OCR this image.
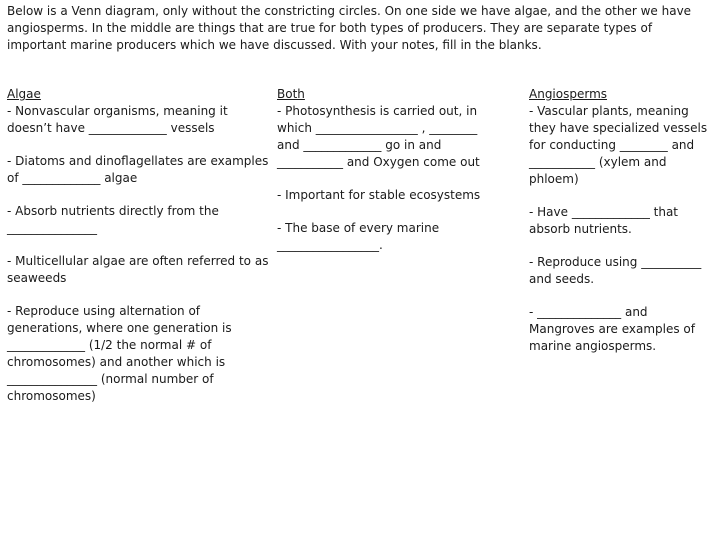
Below is a Venn diagram, only without the constricting circles. On one side we have algae, and the other we have angiosperms. In the middle are things that are true for both types of producers. They are separate types of important marine producers which we have discussed. With your notes, fill in the blanks.

Algae

- Nonvascular organisms, meaning it doesn’t have _____________ vessels

- Diatoms and dinoflagellates are examples of _____________ algae

- Absorb nutrients directly from the _______________

- Multicellular algae are often referred to as seaweeds

- Reproduce using alternation of generations, where one generation is _____________ (1/2 the normal # of chromosomes) and another which is _______________ (normal number of chromosomes)

Both

- Photosynthesis is carried out, in which _________________ , ________ and _____________ go in and ___________ and Oxygen come out

- Important for stable ecosystems

- The base of every marine _________________.

Angiosperms

- Vascular plants, meaning they have specialized vessels for conducting ________ and ___________ (xylem and phloem)

- Have _____________ that absorb nutrients.

- Reproduce using __________ and seeds.

- ______________ and Mangroves are examples of marine angiosperms.
